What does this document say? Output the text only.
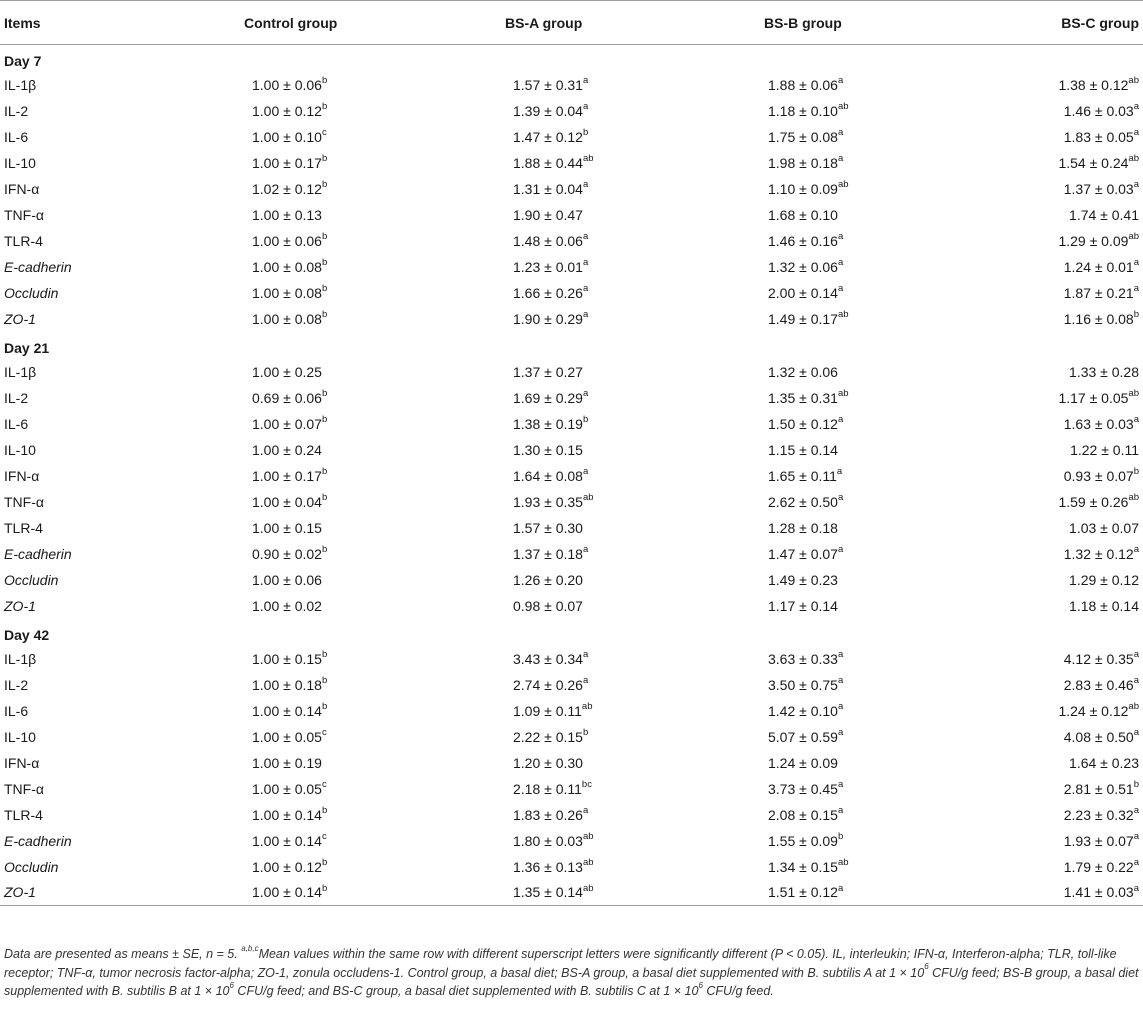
Items	Control group	BS-A group	BS-B group	BS-C group
Day 7				
IL-1β	1.00 ± 0.06$^b$	1.57 ± 0.31$^a$	1.88 ± 0.06$^a$	1.38 ± 0.12$^{ab}$
IL-2	1.00 ± 0.12$^b$	1.39 ± 0.04$^a$	1.18 ± 0.10$^{ab}$	1.46 ± 0.03$^a$
IL-6	1.00 ± 0.10$^c$	1.47 ± 0.12$^b$	1.75 ± 0.08$^a$	1.83 ± 0.05$^a$
IL-10	1.00 ± 0.17$^b$	1.88 ± 0.44$^{ab}$	1.98 ± 0.18$^a$	1.54 ± 0.24$^{ab}$
IFN-α	1.02 ± 0.12$^b$	1.31 ± 0.04$^a$	1.10 ± 0.09$^{ab}$	1.37 ± 0.03$^a$
TNF-α	1.00 ± 0.13	1.90 ± 0.47	1.68 ± 0.10	1.74 ± 0.41
TLR-4	1.00 ± 0.06$^b$	1.48 ± 0.06$^a$	1.46 ± 0.16$^a$	1.29 ± 0.09$^{ab}$
E-cadherin	1.00 ± 0.08$^b$	1.23 ± 0.01$^a$	1.32 ± 0.06$^a$	1.24 ± 0.01$^a$
Occludin	1.00 ± 0.08$^b$	1.66 ± 0.26$^a$	2.00 ± 0.14$^a$	1.87 ± 0.21$^a$
ZO-1	1.00 ± 0.08$^b$	1.90 ± 0.29$^a$	1.49 ± 0.17$^{ab}$	1.16 ± 0.08$^b$
Day 21				
IL-1β	1.00 ± 0.25	1.37 ± 0.27	1.32 ± 0.06	1.33 ± 0.28
IL-2	0.69 ± 0.06$^b$	1.69 ± 0.29$^a$	1.35 ± 0.31$^{ab}$	1.17 ± 0.05$^{ab}$
IL-6	1.00 ± 0.07$^b$	1.38 ± 0.19$^b$	1.50 ± 0.12$^a$	1.63 ± 0.03$^a$
IL-10	1.00 ± 0.24	1.30 ± 0.15	1.15 ± 0.14	1.22 ± 0.11
IFN-α	1.00 ± 0.17$^b$	1.64 ± 0.08$^a$	1.65 ± 0.11$^a$	0.93 ± 0.07$^b$
TNF-α	1.00 ± 0.04$^b$	1.93 ± 0.35$^{ab}$	2.62 ± 0.50$^a$	1.59 ± 0.26$^{ab}$
TLR-4	1.00 ± 0.15	1.57 ± 0.30	1.28 ± 0.18	1.03 ± 0.07
E-cadherin	0.90 ± 0.02$^b$	1.37 ± 0.18$^a$	1.47 ± 0.07$^a$	1.32 ± 0.12$^a$
Occludin	1.00 ± 0.06	1.26 ± 0.20	1.49 ± 0.23	1.29 ± 0.12
ZO-1	1.00 ± 0.02	0.98 ± 0.07	1.17 ± 0.14	1.18 ± 0.14
Day 42				
IL-1β	1.00 ± 0.15$^b$	3.43 ± 0.34$^a$	3.63 ± 0.33$^a$	4.12 ± 0.35$^a$
IL-2	1.00 ± 0.18$^b$	2.74 ± 0.26$^a$	3.50 ± 0.75$^a$	2.83 ± 0.46$^a$
IL-6	1.00 ± 0.14$^b$	1.09 ± 0.11$^{ab}$	1.42 ± 0.10$^a$	1.24 ± 0.12$^{ab}$
IL-10	1.00 ± 0.05$^c$	2.22 ± 0.15$^b$	5.07 ± 0.59$^a$	4.08 ± 0.50$^a$
IFN-α	1.00 ± 0.19	1.20 ± 0.30	1.24 ± 0.09	1.64 ± 0.23
TNF-α	1.00 ± 0.05$^c$	2.18 ± 0.11$^{bc}$	3.73 ± 0.45$^a$	2.81 ± 0.51$^b$
TLR-4	1.00 ± 0.14$^b$	1.83 ± 0.26$^a$	2.08 ± 0.15$^a$	2.23 ± 0.32$^a$
E-cadherin	1.00 ± 0.14$^c$	1.80 ± 0.03$^{ab}$	1.55 ± 0.09$^b$	1.93 ± 0.07$^a$
Occludin	1.00 ± 0.12$^b$	1.36 ± 0.13$^{ab}$	1.34 ± 0.15$^{ab}$	1.79 ± 0.22$^a$
ZO-1	1.00 ± 0.14$^b$	1.35 ± 0.14$^{ab}$	1.51 ± 0.12$^a$	1.41 ± 0.03$^a$
Data are presented as means ± SE, n = 5. $^{a,b,c}$Mean values within the same row with different superscript letters were significantly different (P < 0.05). IL, interleukin; IFN-α, Interferon-alpha; TLR, toll-like receptor; TNF-α, tumor necrosis factor-alpha; ZO-1, zonula occludens-1. Control group, a basal diet; BS-A group, a basal diet supplemented with B. subtilis A at $1 \times 10^6$ CFU/g feed; BS-B group, a basal diet supplemented with B. subtilis B at $1 \times 10^6$ CFU/g feed; and BS-C group, a basal diet supplemented with B. subtilis C at $1 \times 10^6$ CFU/g feed.
